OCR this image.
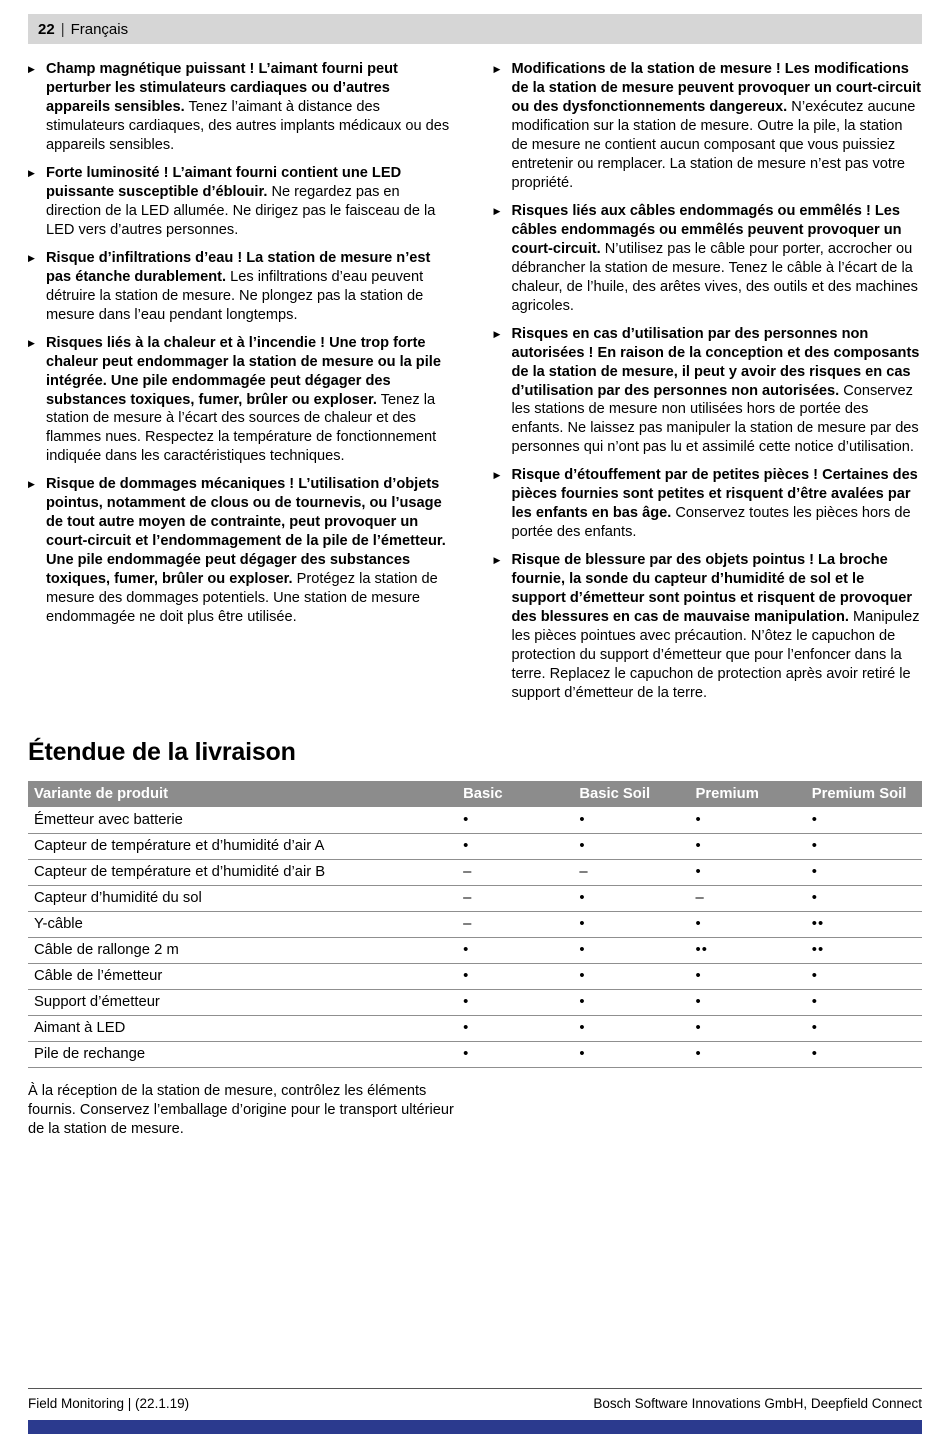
22 | Français
▶ Champ magnétique puissant ! L’aimant fourni peut perturber les stimulateurs cardiaques ou d’autres appareils sensibles. Tenez l’aimant à distance des stimulateurs cardiaques, des autres implants médicaux ou des appareils sensibles.

▶ Forte luminosité ! L’aimant fourni contient une LED puissante susceptible d’éblouir. Ne regardez pas en direction de la LED allumée. Ne dirigez pas le faisceau de la LED vers d’autres personnes.

▶ Risque d’infiltrations d’eau ! La station de mesure n’est pas étanche durablement. Les infiltrations d’eau peuvent détruire la station de mesure. Ne plongez pas la station de mesure dans l’eau pendant longtemps.

▶ Risques liés à la chaleur et à l’incendie ! Une trop forte chaleur peut endommager la station de mesure ou la pile intégrée. Une pile endommagée peut dégager des substances toxiques, fumer, brûler ou exploser. Tenez la station de mesure à l’écart des sources de chaleur et des flammes nues. Respectez la température de fonctionnement indiquée dans les caractéristiques techniques.

▶ Risque de dommages mécaniques ! L’utilisation d’objets pointus, notamment de clous ou de tournevis, ou l’usage de tout autre moyen de contrainte, peut provoquer un court-circuit et l’endommagement de la pile de l’émetteur. Une pile endommagée peut dégager des substances toxiques, fumer, brûler ou exploser. Protégez la station de mesure des dommages potentiels. Une station de mesure endommagée ne doit plus être utilisée.

▶ Modifications de la station de mesure ! Les modifications de la station de mesure peuvent provoquer un court-circuit ou des dysfonctionnements dangereux. N’exécutez aucune modification sur la station de mesure. Outre la pile, la station de mesure ne contient aucun composant que vous puissiez entretenir ou remplacer. La station de mesure n’est pas votre propriété.

▶ Risques liés aux câbles endommagés ou emmêlés ! Les câbles endommagés ou emmêlés peuvent provoquer un court-circuit. N’utilisez pas le câble pour porter, accrocher ou débrancher la station de mesure. Tenez le câble à l’écart de la chaleur, de l’huile, des arêtes vives, des outils et des machines agricoles.

▶ Risques en cas d’utilisation par des personnes non autorisées ! En raison de la conception et des composants de la station de mesure, il peut y avoir des risques en cas d’utilisation par des personnes non autorisées. Conservez les stations de mesure non utilisées hors de portée des enfants. Ne laissez pas manipuler la station de mesure par des personnes qui n’ont pas lu et assimilé cette notice d’utilisation.

▶ Risque d’étouffement par de petites pièces ! Certaines des pièces fournies sont petites et risquent d’être avalées par les enfants en bas âge. Conservez toutes les pièces hors de portée des enfants.

▶ Risque de blessure par des objets pointus ! La broche fournie, la sonde du capteur d’humidité de sol et le support d’émetteur sont pointus et risquent de provoquer des blessures en cas de mauvaise manipulation. Manipulez les pièces pointues avec précaution. N’ôtez le capuchon de protection du support d’émetteur que pour l’enfoncer dans la terre. Replacez le capuchon de protection après avoir retiré le support d’émetteur de la terre.

Étendue de la livraison
Variante de produit	Basic	Basic Soil	Premium	Premium Soil
Émetteur avec batterie	•	•	•	•
Capteur de température et d’humidité d’air A	•	•	•	•
Capteur de température et d’humidité d’air B	–	–	•	•
Capteur d’humidité du sol	–	•	–	•
Y-câble	–	•	•	••
Câble de rallonge 2 m	•	•	••	••
Câble de l’émetteur	•	•	•	•
Support d’émetteur	•	•	•	•
Aimant à LED	•	•	•	•
Pile de rechange	•	•	•	•

À la réception de la station de mesure, contrôlez les éléments fournis. Conservez l’emballage d’origine pour le transport ultérieur de la station de mesure.

Field Monitoring | (22.1.19)	Bosch Software Innovations GmbH, Deepfield Connect
